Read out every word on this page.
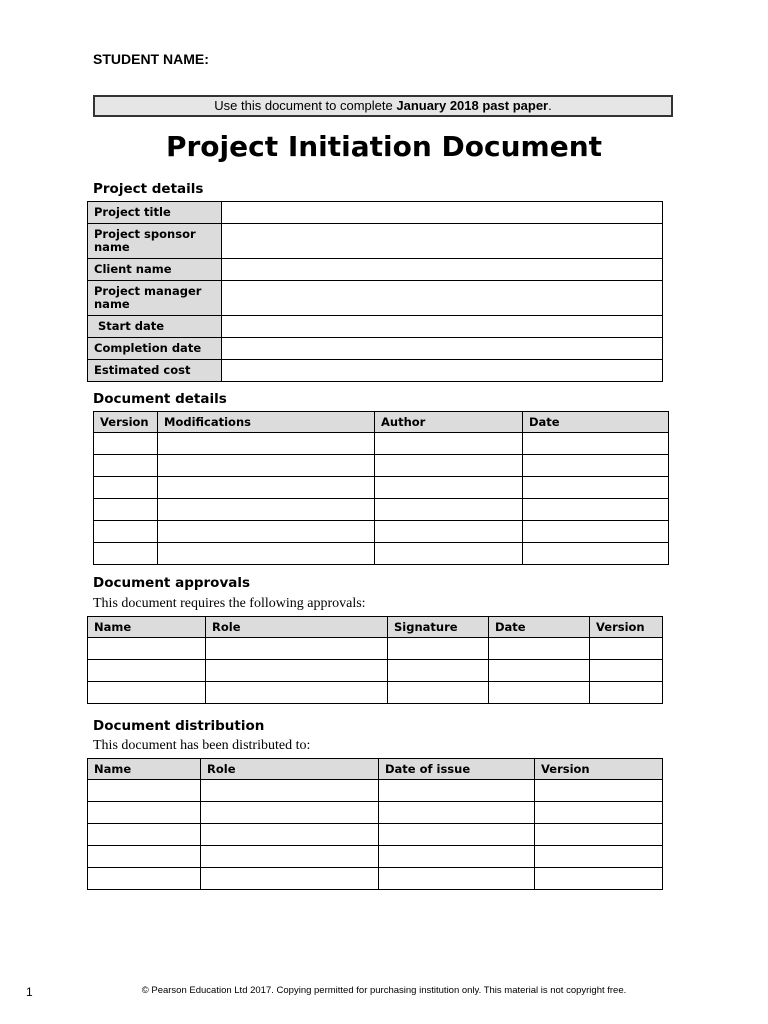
STUDENT NAME:
Use this document to complete January 2018 past paper.
Project Initiation Document
Project details
Project title	
Project sponsor name	
Client name	
Project manager name	
Start date	
Completion date	
Estimated cost	
Document details
Version	Modifications	Author	Date

Document approvals
This document requires the following approvals:
Name	Role	Signature	Date	Version

Document distribution
This document has been distributed to:
Name	Role	Date of issue	Version

1	© Pearson Education Ltd 2017. Copying permitted for purchasing institution only. This material is not copyright free.
